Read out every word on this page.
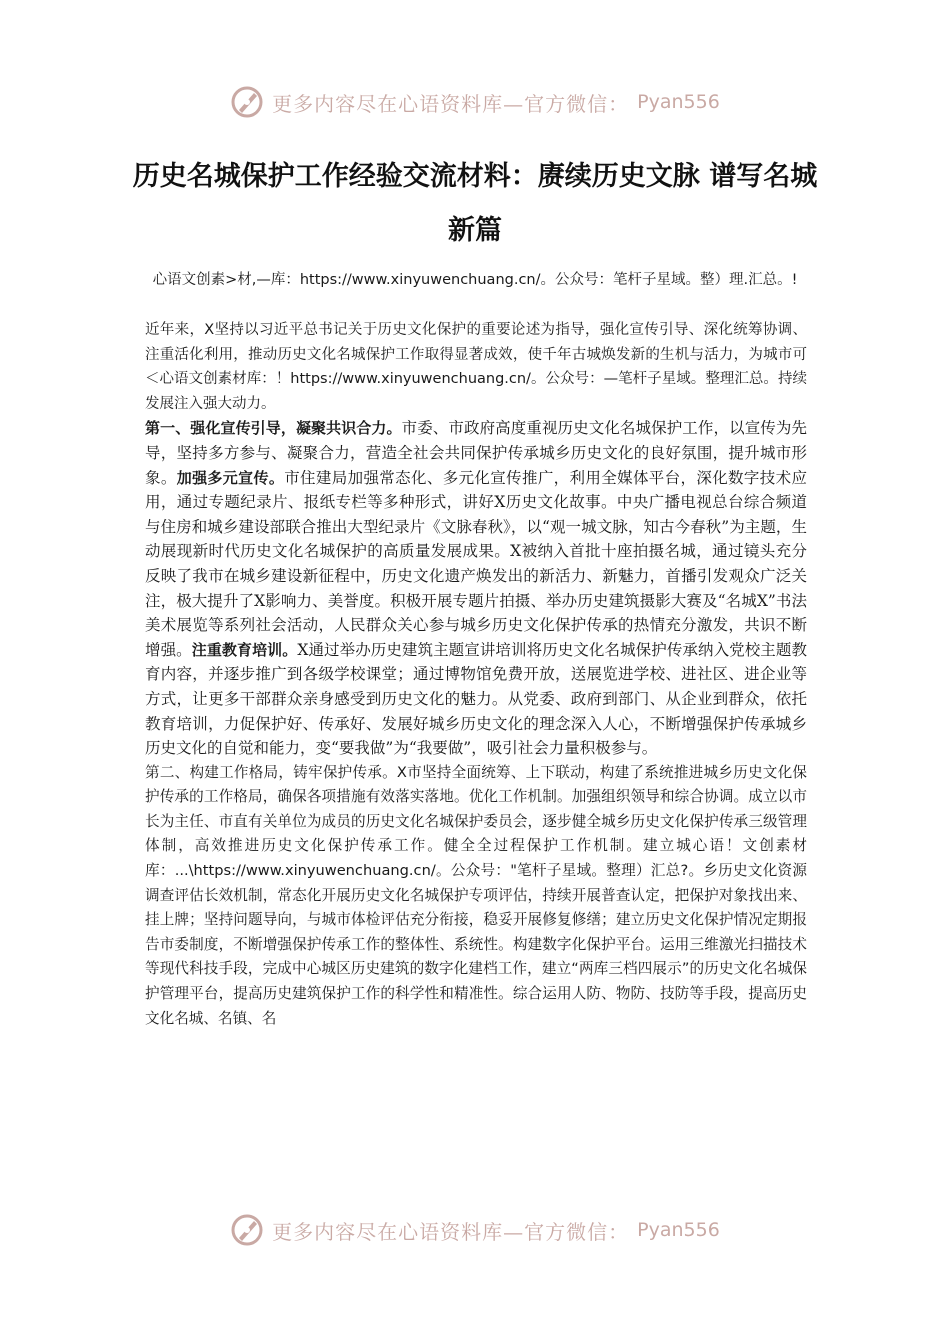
更多内容尽在心语资料库—官方微信： Pyan556
历史名城保护工作经验交流材料：赓续历史文脉 谱写名城新篇

心语文创素>材,—库：https://www.xinyuwenchuang.cn/。公众号：笔杆子星域。整）理.汇总。!

近年来，X坚持以习近平总书记关于历史文化保护的重要论述为指导，强化宣传引导、深化统筹协调、注重活化利用，推动历史文化名城保护工作取得显著成效，使千年古城焕发新的生机与活力，为城市可＜心语文创素材库：！https://www.xinyuwenchuang.cn/。公众号：—笔杆子星域。整理汇总。持续发展注入强大动力。

第一、强化宣传引导，凝聚共识合力。市委、市政府高度重视历史文化名城保护工作，以宣传为先导，坚持多方参与、凝聚合力，营造全社会共同保护传承城乡历史文化的良好氛围，提升城市形象。加强多元宣传。市住建局加强常态化、多元化宣传推广，利用全媒体平台，深化数字技术应用，通过专题纪录片、报纸专栏等多种形式，讲好X历史文化故事。中央广播电视总台综合频道与住房和城乡建设部联合推出大型纪录片《文脉春秋》，以“观一城文脉，知古今春秋”为主题，生动展现新时代历史文化名城保护的高质量发展成果。X被纳入首批十座拍摄名城，通过镜头充分反映了我市在城乡建设新征程中，历史文化遗产焕发出的新活力、新魅力，首播引发观众广泛关注，极大提升了X影响力、美誉度。积极开展专题片拍摄、举办历史建筑摄影大赛及“名城X”书法美术展览等系列社会活动，人民群众关心参与城乡历史文化保护传承的热情充分激发，共识不断增强。注重教育培训。X通过举办历史建筑主题宣讲培训将历史文化名城保护传承纳入党校主题教育内容，并逐步推广到各级学校课堂；通过博物馆免费开放，送展览进学校、进社区、进企业等方式，让更多干部群众亲身感受到历史文化的魅力。从党委、政府到部门、从企业到群众，依托教育培训，力促保护好、传承好、发展好城乡历史文化的理念深入人心，不断增强保护传承城乡历史文化的自觉和能力，变“要我做”为“我要做”，吸引社会力量积极参与。

第二、构建工作格局，铸牢保护传承。X市坚持全面统筹、上下联动，构建了系统推进城乡历史文化保护传承的工作格局，确保各项措施有效落实落地。优化工作机制。加强组织领导和综合协调。成立以市长为主任、市直有关单位为成员的历史文化名城保护委员会，逐步健全城乡历史文化保护传承三级管理体制，高效推进历史文化保护传承工作。健全全过程保护工作机制。建立城心语！文创素材库：...\https://www.xinyuwenchuang.cn/。公众号："笔杆子星域。整理）汇总?。乡历史文化资源调查评估长效机制，常态化开展历史文化名城保护专项评估，持续开展普查认定，把保护对象找出来、挂上牌；坚持问题导向，与城市体检评估充分衔接，稳妥开展修复修缮；建立历史文化保护情况定期报告市委制度，不断增强保护传承工作的整体性、系统性。构建数字化保护平台。运用三维激光扫描技术等现代科技手段，完成中心城区历史建筑的数字化建档工作，建立“两库三档四展示”的历史文化名城保护管理平台，提高历史建筑保护工作的科学性和精准性。综合运用人防、物防、技防等手段，提高历史文化名城、名镇、名

更多内容尽在心语资料库—官方微信： Pyan556
